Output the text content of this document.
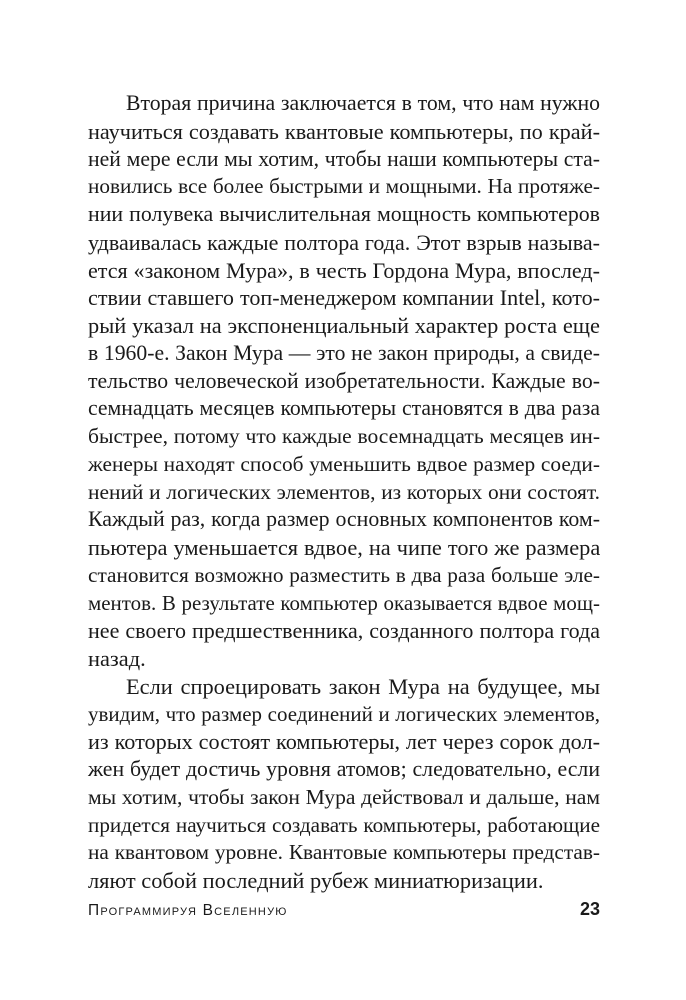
Вторая причина заключается в том, что нам нужно
научиться создавать квантовые компьютеры, по край-
ней мере если мы хотим, чтобы наши компьютеры ста-
новились все более быстрыми и мощными. На протяже-
нии полувека вычислительная мощность компьютеров
удваивалась каждые полтора года. Этот взрыв называ-
ется «законом Мура», в честь Гордона Мура, впослед-
ствии ставшего топ-менеджером компании Intel, кото-
рый указал на экспоненциальный характер роста еще
в 1960-е. Закон Мура — это не закон природы, а свиде-
тельство человеческой изобретательности. Каждые во-
семнадцать месяцев компьютеры становятся в два раза
быстрее, потому что каждые восемнадцать месяцев ин-
женеры находят способ уменьшить вдвое размер соеди-
нений и логических элементов, из которых они состоят.
Каждый раз, когда размер основных компонентов ком-
пьютера уменьшается вдвое, на чипе того же размера
становится возможно разместить в два раза больше эле-
ментов. В результате компьютер оказывается вдвое мощ-
нее своего предшественника, созданного полтора года
назад.

Если спроецировать закон Мура на будущее, мы
увидим, что размер соединений и логических элементов,
из которых состоят компьютеры, лет через сорок дол-
жен будет достичь уровня атомов; следовательно, если
мы хотим, чтобы закон Мура действовал и дальше, нам
придется научиться создавать компьютеры, работающие
на квантовом уровне. Квантовые компьютеры представ-
ляют собой последний рубеж миниатюризации.

Программируя Вселенную	23
